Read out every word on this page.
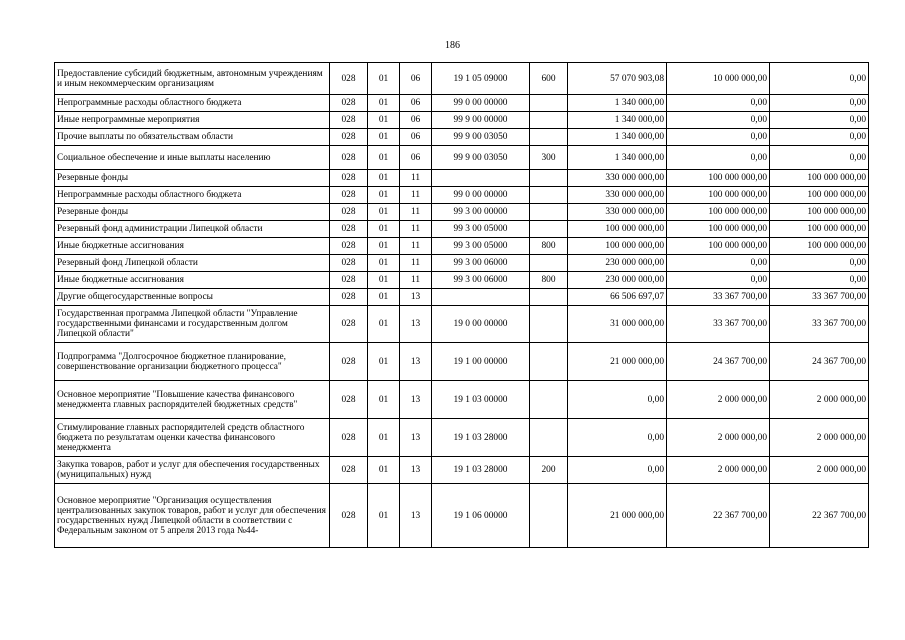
186
Предоставление субсидий бюджетным, автономным учреждениям и иным некоммерческим организациям	028	01	06	19 1 05 09000	600	57 070 903,08	10 000 000,00	0,00
Непрограммные расходы областного бюджета	028	01	06	99 0 00 00000		1 340 000,00	0,00	0,00
Иные непрограммные мероприятия	028	01	06	99 9 00 00000		1 340 000,00	0,00	0,00
Прочие выплаты по обязательствам области	028	01	06	99 9 00 03050		1 340 000,00	0,00	0,00
Социальное обеспечение и иные выплаты населению	028	01	06	99 9 00 03050	300	1 340 000,00	0,00	0,00
Резервные фонды	028	01	11			330 000 000,00	100 000 000,00	100 000 000,00
Непрограммные расходы областного бюджета	028	01	11	99 0 00 00000		330 000 000,00	100 000 000,00	100 000 000,00
Резервные фонды	028	01	11	99 3 00 00000		330 000 000,00	100 000 000,00	100 000 000,00
Резервный фонд администрации Липецкой области	028	01	11	99 3 00 05000		100 000 000,00	100 000 000,00	100 000 000,00
Иные бюджетные ассигнования	028	01	11	99 3 00 05000	800	100 000 000,00	100 000 000,00	100 000 000,00
Резервный фонд Липецкой области	028	01	11	99 3 00 06000		230 000 000,00	0,00	0,00
Иные бюджетные ассигнования	028	01	11	99 3 00 06000	800	230 000 000,00	0,00	0,00
Другие общегосударственные вопросы	028	01	13			66 506 697,07	33 367 700,00	33 367 700,00
Государственная программа Липецкой области "Управление государственными финансами и государственным долгом Липецкой области"	028	01	13	19 0 00 00000		31 000 000,00	33 367 700,00	33 367 700,00
Подпрограмма "Долгосрочное бюджетное планирование, совершенствование организации бюджетного процесса"	028	01	13	19 1 00 00000		21 000 000,00	24 367 700,00	24 367 700,00
Основное мероприятие "Повышение качества финансового менеджмента главных распорядителей бюджетных средств"	028	01	13	19 1 03 00000		0,00	2 000 000,00	2 000 000,00
Стимулирование главных распорядителей средств областного бюджета по результатам оценки качества финансового менеджмента	028	01	13	19 1 03 28000		0,00	2 000 000,00	2 000 000,00
Закупка товаров, работ и услуг для обеспечения государственных (муниципальных) нужд	028	01	13	19 1 03 28000	200	0,00	2 000 000,00	2 000 000,00
Основное мероприятие "Организация осуществления централизованных закупок товаров, работ и услуг для обеспечения государственных нужд Липецкой области в соответствии с Федеральным законом от 5 апреля 2013 года №44-	028	01	13	19 1 06 00000		21 000 000,00	22 367 700,00	22 367 700,00
